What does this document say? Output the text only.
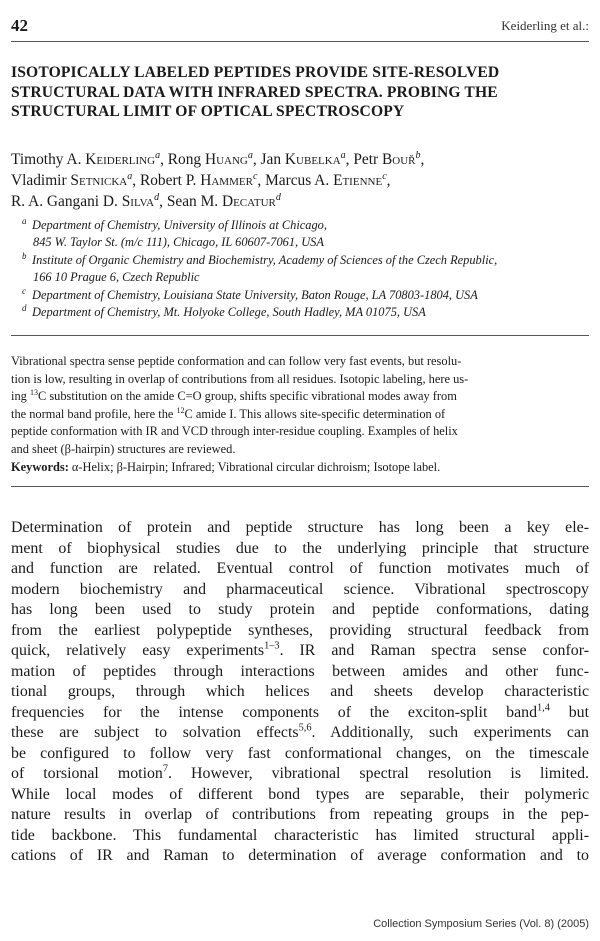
42	Keiderling et al.:
ISOTOPICALLY LABELED PEPTIDES PROVIDE SITE-RESOLVED
STRUCTURAL DATA WITH INFRARED SPECTRA. PROBING THE
STRUCTURAL LIMIT OF OPTICAL SPECTROSCOPY
Timothy A. Keiderling$^a$, Rong Huang$^a$, Jan Kubelka$^a$, Petr Bouř$^b$,
Vladimir Setnicka$^a$, Robert P. Hammer$^c$, Marcus A. Etienne$^c$,
R. A. Gangani D. Silva$^d$, Sean M. Decatur$^d$
a Department of Chemistry, University of Illinois at Chicago,
845 W. Taylor St. (m/c 111), Chicago, IL 60607-7061, USA
b Institute of Organic Chemistry and Biochemistry, Academy of Sciences of the Czech Republic,
166 10 Prague 6, Czech Republic
c Department of Chemistry, Louisiana State University, Baton Rouge, LA 70803-1804, USA
d Department of Chemistry, Mt. Holyoke College, South Hadley, MA 01075, USA
Vibrational spectra sense peptide conformation and can follow very fast events, but resolu-
tion is low, resulting in overlap of contributions from all residues. Isotopic labeling, here us-
ing $^{13}$C substitution on the amide C=O group, shifts specific vibrational modes away from
the normal band profile, here the $^{12}$C amide I. This allows site-specific determination of
peptide conformation with IR and VCD through inter-residue coupling. Examples of helix
and sheet (β-hairpin) structures are reviewed.
Keywords: α-Helix; β-Hairpin; Infrared; Vibrational circular dichroism; Isotope label.
Determination of protein and peptide structure has long been a key ele-
ment of biophysical studies due to the underlying principle that structure
and function are related. Eventual control of function motivates much of
modern biochemistry and pharmaceutical science. Vibrational spectroscopy
has long been used to study protein and peptide conformations, dating
from the earliest polypeptide syntheses, providing structural feedback from
quick, relatively easy experiments$^{1-3}$. IR and Raman spectra sense confor-
mation of peptides through interactions between amides and other func-
tional groups, through which helices and sheets develop characteristic
frequencies for the intense components of the exciton-split band$^{1,4}$ but
these are subject to solvation effects$^{5,6}$. Additionally, such experiments can
be configured to follow very fast conformational changes, on the timescale
of torsional motion$^7$. However, vibrational spectral resolution is limited.
While local modes of different bond types are separable, their polymeric
nature results in overlap of contributions from repeating groups in the pep-
tide backbone. This fundamental characteristic has limited structural appli-
cations of IR and Raman to determination of average conformation and to
Collection Symposium Series (Vol. 8) (2005)
